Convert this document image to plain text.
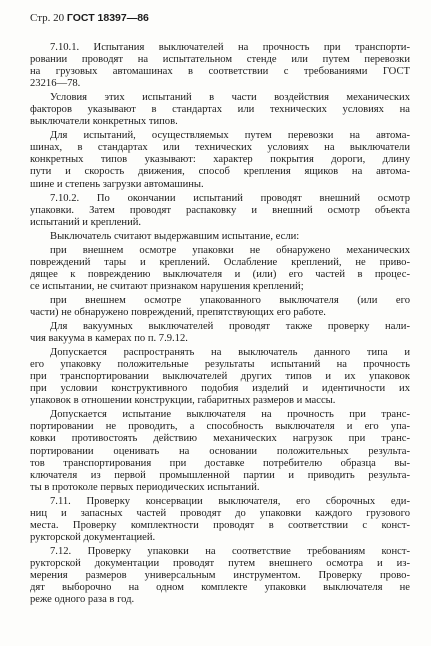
Стр. 20 ГОСТ 18397—86
7.10.1. Испытания выключателей на прочность при транспорти-
ровании проводят на испытательном стенде или путем перевозки
на грузовых автомашинах в соответствии с требованиями ГОСТ
23216—78.
Условия этих испытаний в части воздействия механических
факторов указывают в стандартах или технических условиях на
выключатели конкретных типов.
Для испытаний, осуществляемых путем перевозки на автома-
шинах, в стандартах или технических условиях на выключатели
конкретных типов указывают: характер покрытия дороги, длину
пути и скорость движения, способ крепления ящиков на автома-
шине и степень загрузки автомашины.
7.10.2. По окончании испытаний проводят внешний осмотр
упаковки. Затем проводят распаковку и внешний осмотр объекта
испытаний и креплений.
Выключатель считают выдержавшим испытание, если:
при внешнем осмотре упаковки не обнаружено механических
повреждений тары и креплений. Ослабление креплений, не приво-
дящее к повреждению выключателя и (или) его частей в процес-
се испытании, не считают признаком нарушения креплений;
при внешнем осмотре упакованного выключателя (или его
части) не обнаружено повреждений, препятствующих его работе.
Для вакуумных выключателей проводят также проверку нали-
чия вакуума в камерах по п. 7.9.12.
Допускается распространять на выключатель данного типа и
его упаковку положительные результаты испытаний на прочность
при транспортировании выключателей других типов и их упаковок
при условии конструктивного подобия изделий и идентичности их
упаковок в отношении конструкции, габаритных размеров и массы.
Допускается испытание выключателя на прочность при транс-
портировании не проводить, а способность выключателя и его упа-
ковки противостоять действию механических нагрузок при транс-
портировании оценивать на основании положительных результа-
тов транспортирования при доставке потребителю образца вы-
ключателя из первой промышленной партии и приводить результа-
ты в протоколе первых периодических испытаний.
7.11. Проверку консервации выключателя, его сборочных еди-
ниц и запасных частей проводят до упаковки каждого грузового
места. Проверку комплектности проводят в соответствии с конст-
рукторской документацией.
7.12. Проверку упаковки на соответствие требованиям конст-
рукторской документации проводят путем внешнего осмотра и из-
мерения размеров универсальным инструментом. Проверку прово-
дят выборочно на одном комплекте упаковки выключателя не
реже одного раза в год.
